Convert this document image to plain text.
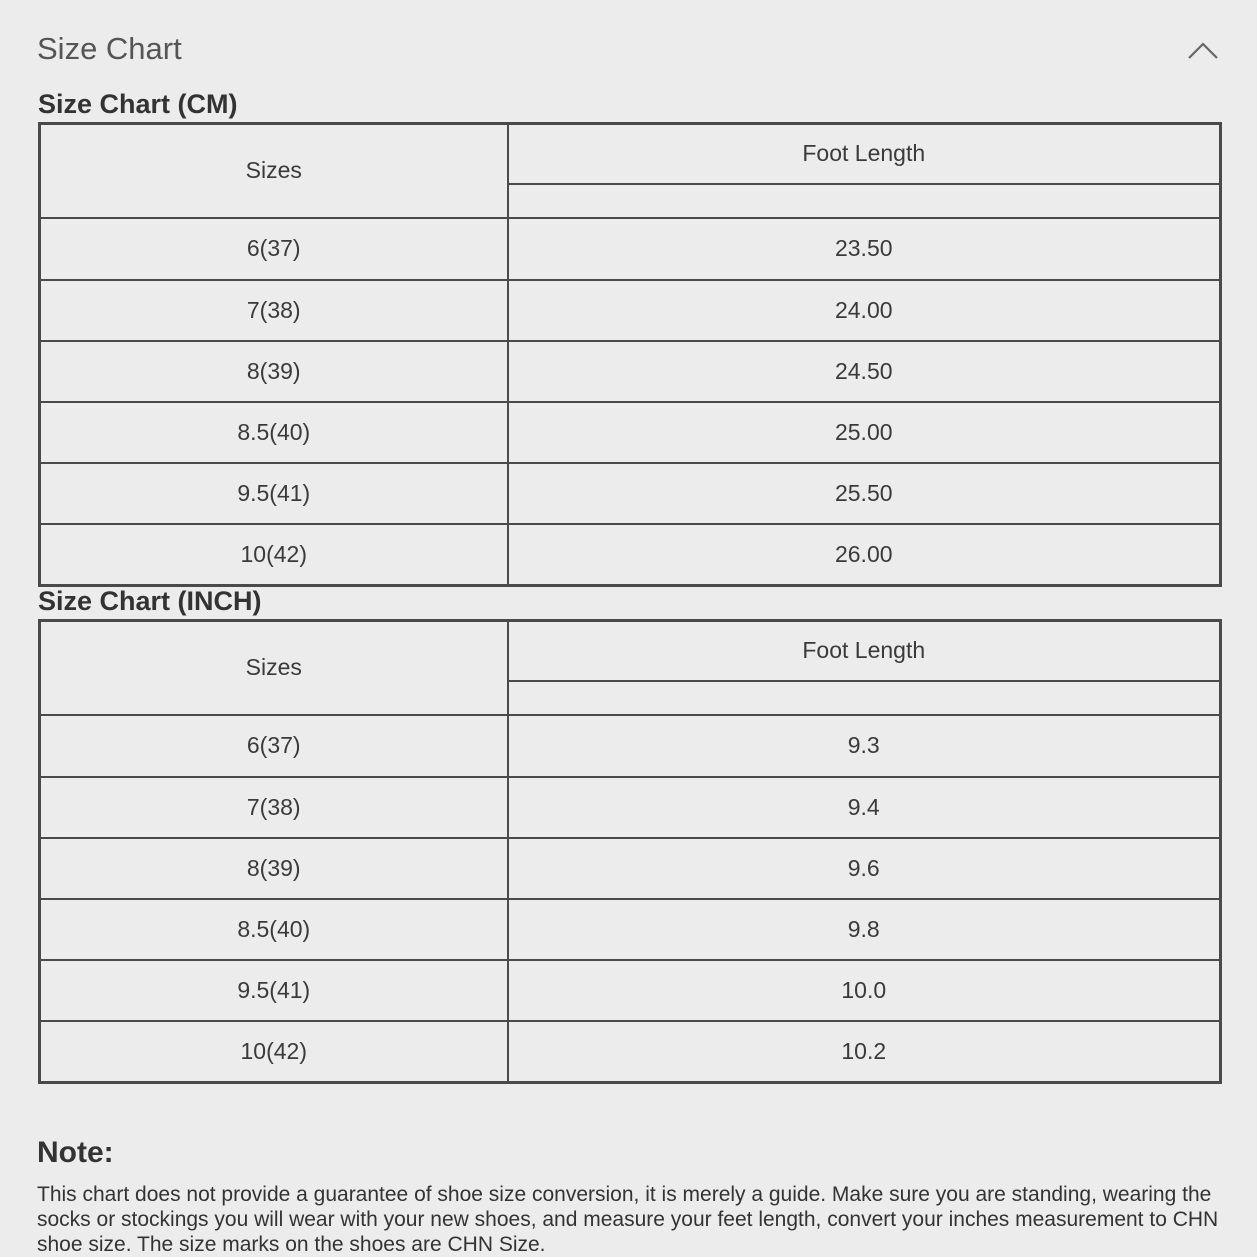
Size Chart
Size Chart (CM)
Sizes	Foot Length

6(37)	23.50
7(38)	24.00
8(39)	24.50
8.5(40)	25.00
9.5(41)	25.50
10(42)	26.00
Size Chart (INCH)
Sizes	Foot Length

6(37)	9.3
7(38)	9.4
8(39)	9.6
8.5(40)	9.8
9.5(41)	10.0
10(42)	10.2
Note:
This chart does not provide a guarantee of shoe size conversion, it is merely a guide. Make sure you are standing, wearing the socks or stockings you will wear with your new shoes, and measure your feet length, convert your inches measurement to CHN shoe size. The size marks on the shoes are CHN Size.
